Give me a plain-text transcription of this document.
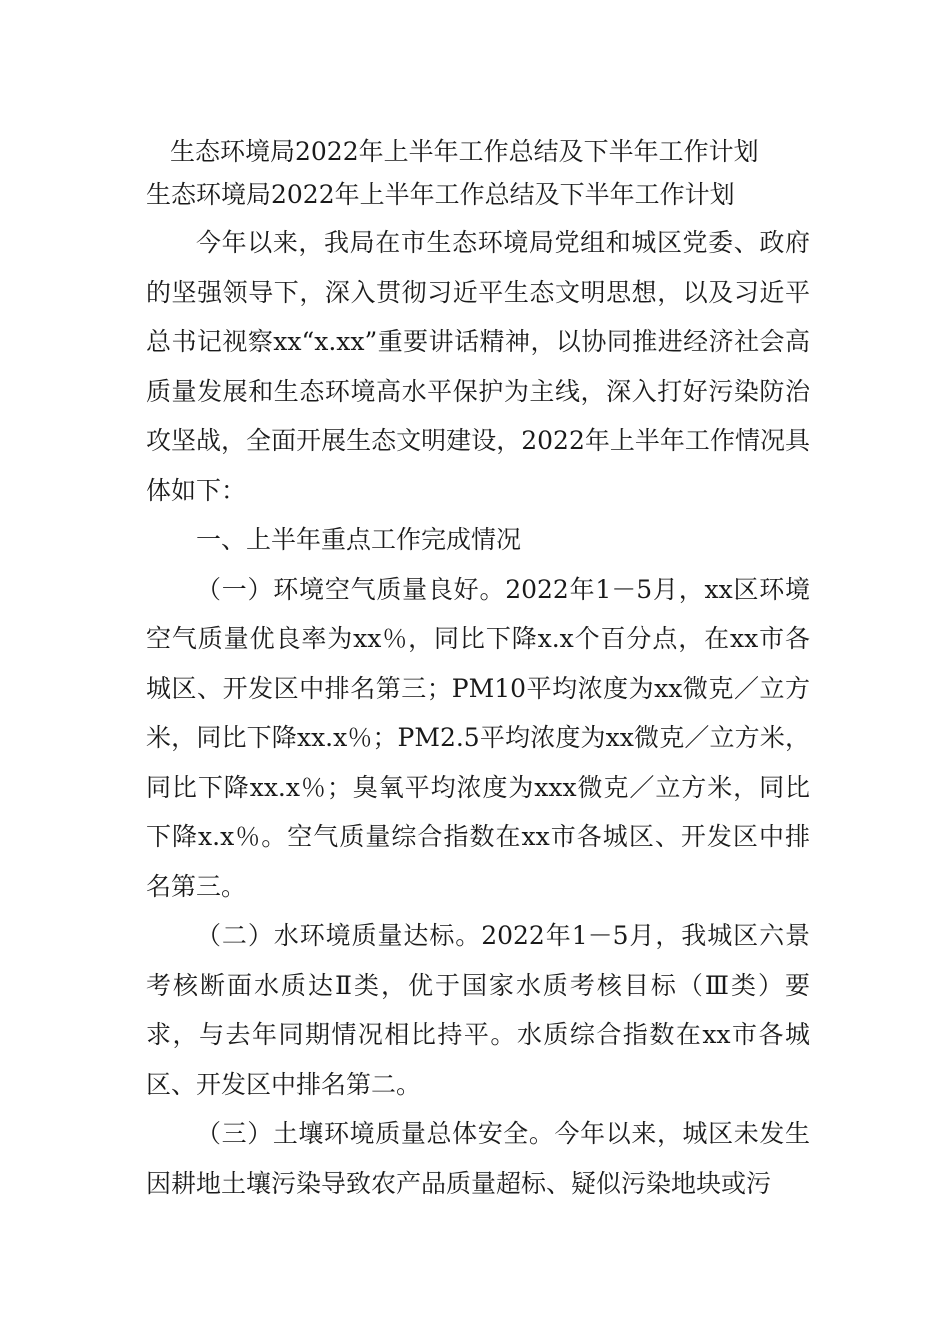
生态环境局2022年上半年工作总结及下半年工作计划
生态环境局2022年上半年工作总结及下半年工作计划

今年以来，我局在市生态环境局党组和城区党委、政府的坚强领导下，深入贯彻习近平生态文明思想，以及习近平总书记视察xx“x.xx”重要讲话精神，以协同推进经济社会高质量发展和生态环境高水平保护为主线，深入打好污染防治攻坚战，全面开展生态文明建设，2022年上半年工作情况具体如下：

一、上半年重点工作完成情况

（一）环境空气质量良好。2022年1－5月，xx区环境空气质量优良率为xx％，同比下降x.x个百分点，在xx市各城区、开发区中排名第三；PM10平均浓度为xx微克／立方米，同比下降xx.x％；PM2.5平均浓度为xx微克／立方米，同比下降xx.x％；臭氧平均浓度为xxx微克／立方米，同比下降x.x％。空气质量综合指数在xx市各城区、开发区中排名第三。

（二）水环境质量达标。2022年1－5月，我城区六景考核断面水质达Ⅱ类，优于国家水质考核目标（Ⅲ类）要求，与去年同期情况相比持平。水质综合指数在xx市各城区、开发区中排名第二。

（三）土壤环境质量总体安全。今年以来，城区未发生因耕地土壤污染导致农产品质量超标、疑似污染地块或污
